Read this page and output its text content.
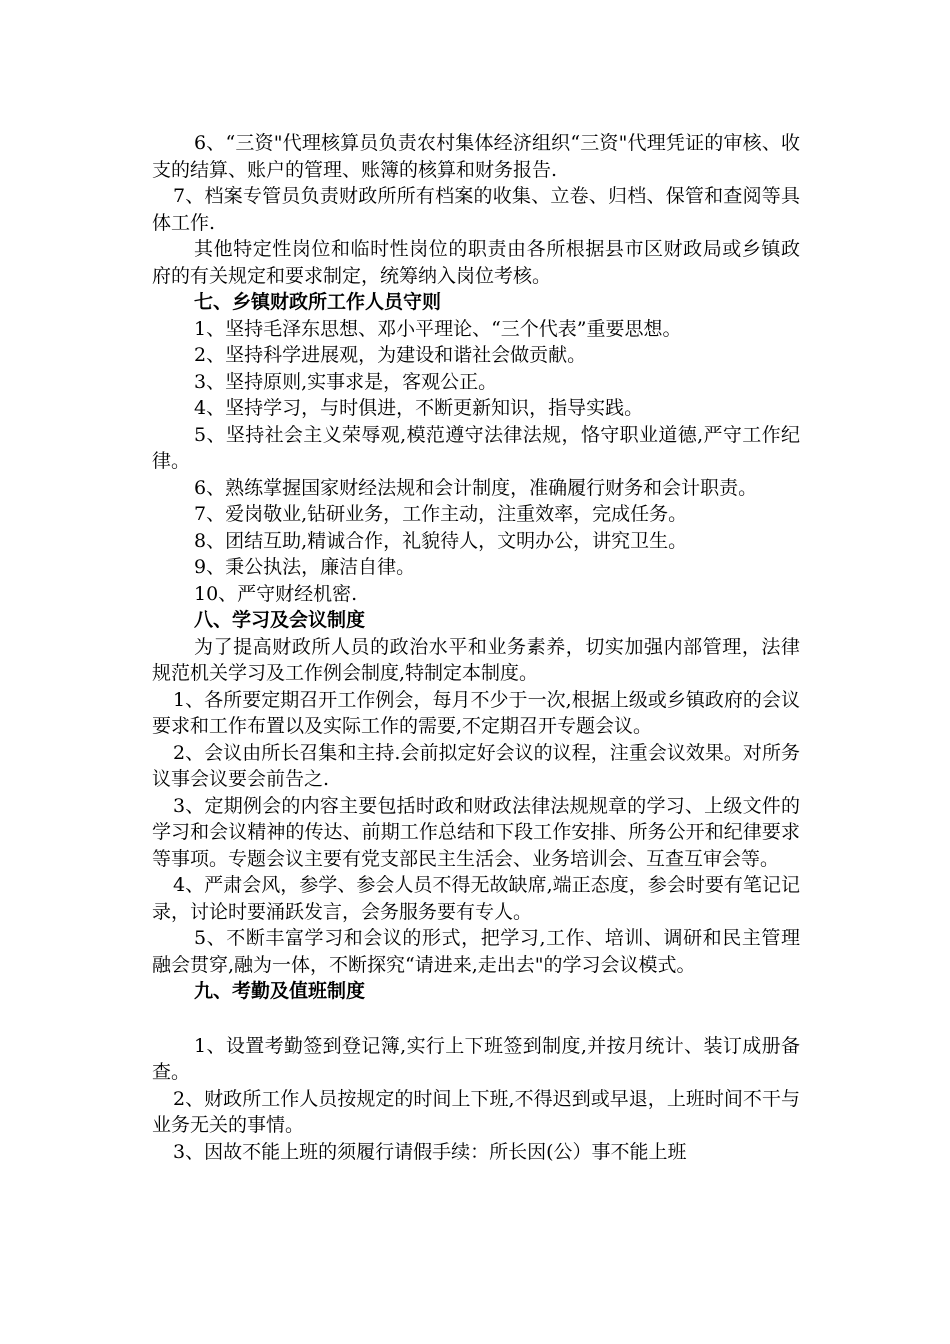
6、“三资"代理核算员负责农村集体经济组织“三资"代理凭证的审核、收支的结算、账户的管理、账簿的核算和财务报告.

7、档案专管员负责财政所所有档案的收集、立卷、归档、保管和查阅等具体工作.

其他特定性岗位和临时性岗位的职责由各所根据县市区财政局或乡镇政府的有关规定和要求制定，统筹纳入岗位考核。

七、乡镇财政所工作人员守则

1、坚持毛泽东思想、邓小平理论、“三个代表”重要思想。

2、坚持科学进展观，为建设和谐社会做贡献。

3、坚持原则,实事求是，客观公正。

4、坚持学习，与时俱进，不断更新知识，指导实践。

5、坚持社会主义荣辱观,模范遵守法律法规，恪守职业道德,严守工作纪律。

6、熟练掌握国家财经法规和会计制度，准确履行财务和会计职责。

7、爱岗敬业,钻研业务，工作主动，注重效率，完成任务。

8、团结互助,精诚合作，礼貌待人，文明办公，讲究卫生。

9、秉公执法，廉洁自律。

10、严守财经机密.

八、学习及会议制度

为了提高财政所人员的政治水平和业务素养，切实加强内部管理，法律规范机关学习及工作例会制度,特制定本制度。

1、各所要定期召开工作例会，每月不少于一次,根据上级或乡镇政府的会议要求和工作布置以及实际工作的需要,不定期召开专题会议。

2、会议由所长召集和主持.会前拟定好会议的议程，注重会议效果。对所务议事会议要会前告之.

3、定期例会的内容主要包括时政和财政法律法规规章的学习、上级文件的学习和会议精神的传达、前期工作总结和下段工作安排、所务公开和纪律要求等事项。专题会议主要有党支部民主生活会、业务培训会、互查互审会等。

4、严肃会风，参学、参会人员不得无故缺席,端正态度，参会时要有笔记记录，讨论时要涌跃发言，会务服务要有专人。

5、不断丰富学习和会议的形式，把学习,工作、培训、调研和民主管理融会贯穿,融为一体，不断探究“请进来,走出去"的学习会议模式。

九、考勤及值班制度

1、设置考勤签到登记簿,实行上下班签到制度,并按月统计、装订成册备查。

2、财政所工作人员按规定的时间上下班,不得迟到或早退，上班时间不干与业务无关的事情。

3、因故不能上班的须履行请假手续：所长因(公）事不能上班
